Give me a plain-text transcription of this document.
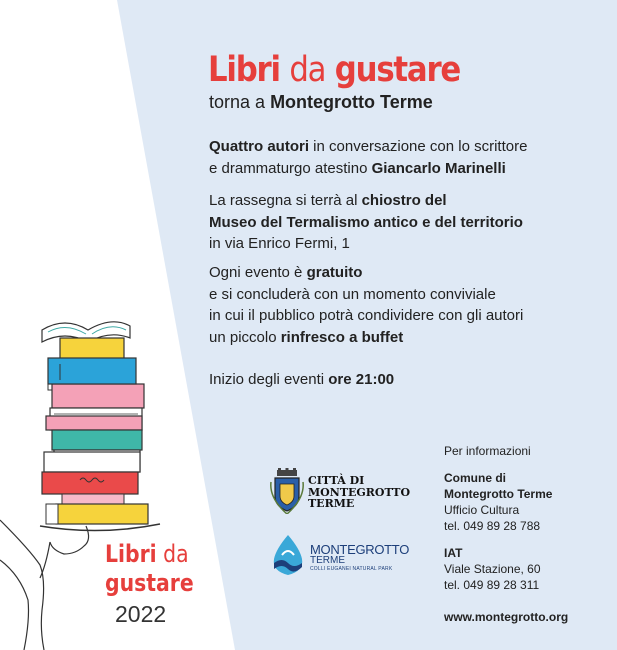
Libri da gustare
torna a Montegrotto Terme
Quattro autori in conversazione con lo scrittore
e drammaturgo atestino Giancarlo Marinelli
La rassegna si terrà al chiostro del
Museo del Termalismo antico e del territorio
in via Enrico Fermi, 1
Ogni evento è gratuito
e si concluderà con un momento conviviale
in cui il pubblico potrà condividere con gli autori
un piccolo rinfresco a buffet
Inizio degli eventi ore 21:00
Per informazioni
Comune di
Montegrotto Terme
Ufficio Cultura
tel. 049 89 28 788
IAT
Viale Stazione, 60
tel. 049 89 28 311
www.montegrotto.org
CITTÀ DI
MONTEGROTTO
TERME
MONTEGROTTO
TERME
COLLI EUGANEI NATURAL PARK
Libri da
gustare
2022
